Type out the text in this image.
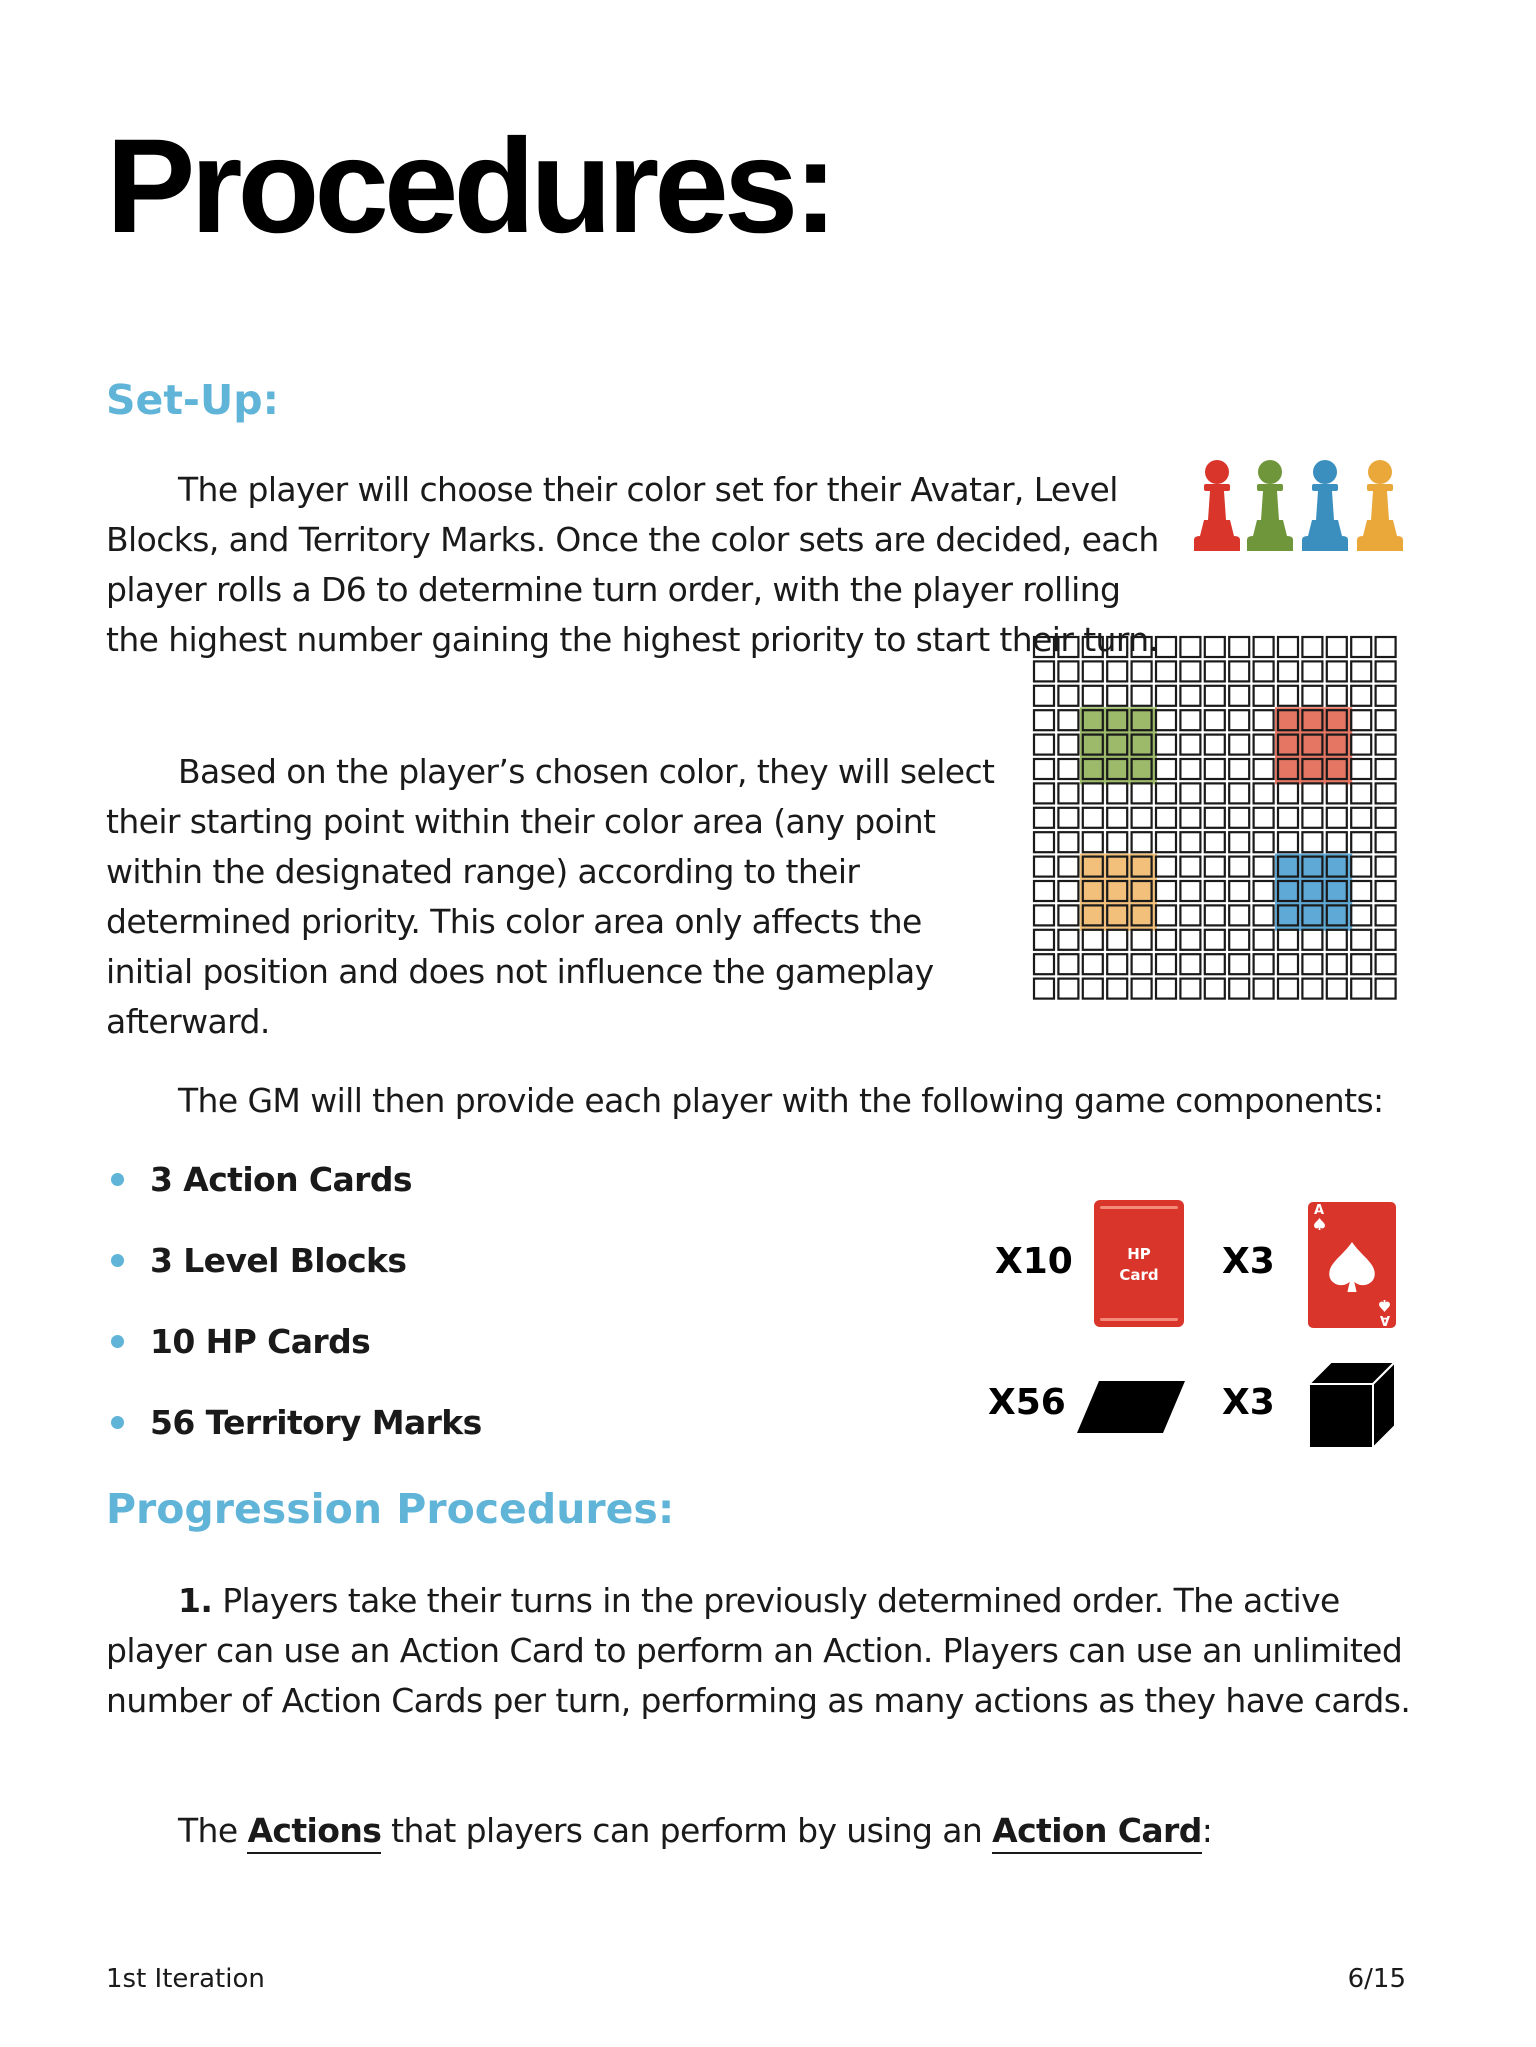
Procedures:
Set-Up:

The player will choose their color set for their Avatar, Level Blocks, and Territory Marks. Once the color sets are decided, each player rolls a D6 to determine turn order, with the player rolling the highest number gaining the highest priority to start their turn.

Based on the player’s chosen color, they will select their starting point within their color area (any point within the designated range) according to their determined priority. This color area only affects the initial position and does not influence the gameplay afterward.

The GM will then provide each player with the following game components:

3 Action Cards
3 Level Blocks
10 HP Cards
56 Territory Marks
X10	HP
Card	X3
A
A
X56	X3
Progression Procedures:

1. Players take their turns in the previously determined order. The active player can use an Action Card to perform an Action. Players can use an unlimited number of Action Cards per turn, performing as many actions as they have cards.

The Actions that players can perform by using an Action Card:

1st Iteration	6/15
